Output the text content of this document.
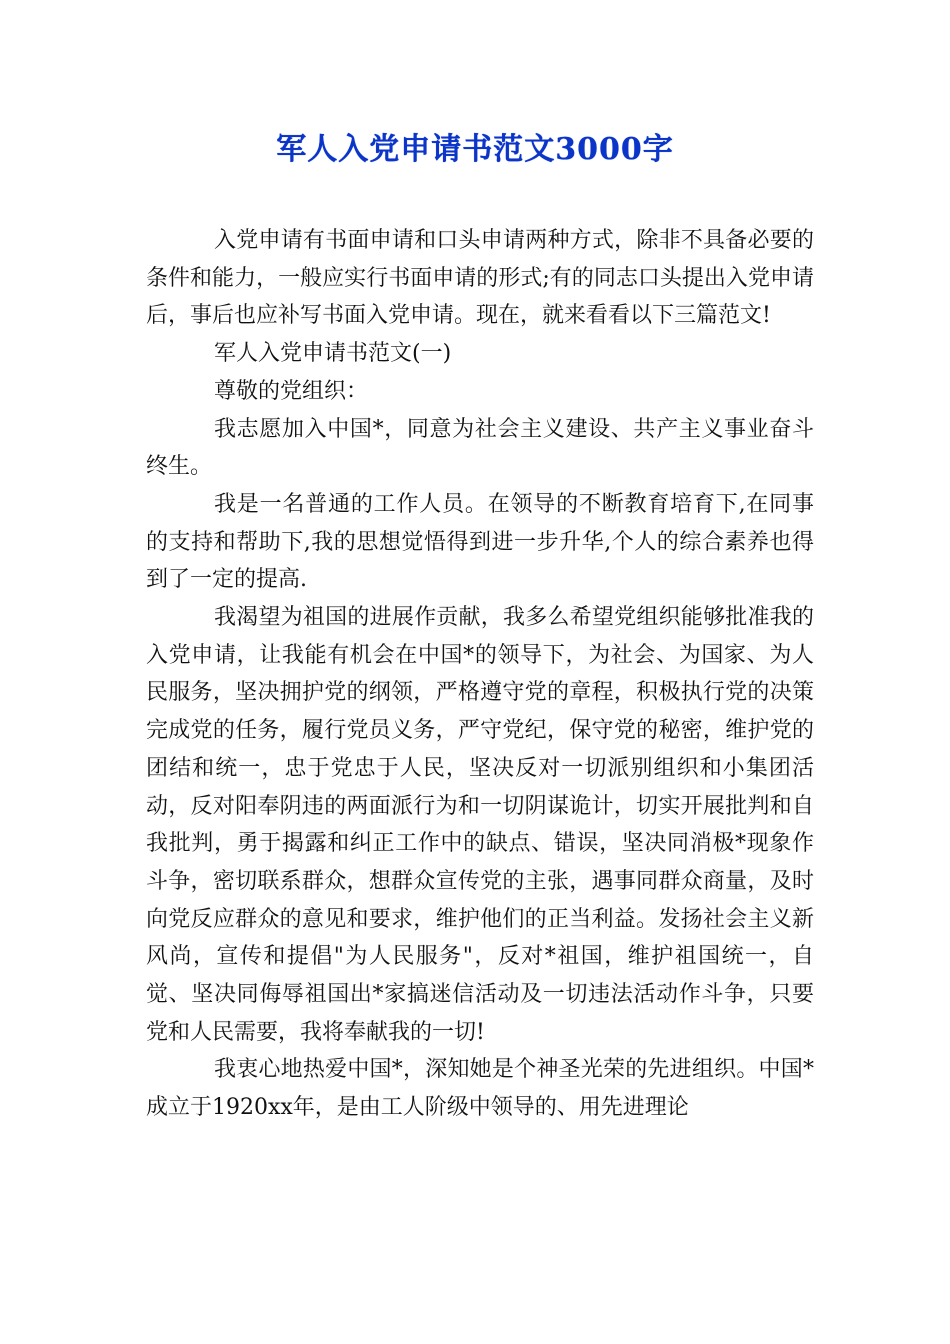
军人入党申请书范文3000字

入党申请有书面申请和口头申请两种方式，除非不具备必要的条件和能力，一般应实行书面申请的形式;有的同志口头提出入党申请后，事后也应补写书面入党申请。现在，就来看看以下三篇范文!

军人入党申请书范文(一)

尊敬的党组织：

我志愿加入中国*，同意为社会主义建设、共产主义事业奋斗终生。

我是一名普通的工作人员。在领导的不断教育培育下,在同事的支持和帮助下,我的思想觉悟得到进一步升华,个人的综合素养也得到了一定的提高.

我渴望为祖国的进展作贡献，我多么希望党组织能够批准我的入党申请，让我能有机会在中国*的领导下，为社会、为国家、为人民服务，坚决拥护党的纲领，严格遵守党的章程，积极执行党的决策完成党的任务，履行党员义务，严守党纪，保守党的秘密，维护党的团结和统一，忠于党忠于人民，坚决反对一切派别组织和小集团活动，反对阳奉阴违的两面派行为和一切阴谋诡计，切实开展批判和自我批判，勇于揭露和纠正工作中的缺点、错误，坚决同消极*现象作斗争，密切联系群众，想群众宣传党的主张，遇事同群众商量，及时向党反应群众的意见和要求，维护他们的正当利益。发扬社会主义新风尚，宣传和提倡"为人民服务"，反对*祖国，维护祖国统一，自觉、坚决同侮辱祖国出*家搞迷信活动及一切违法活动作斗争，只要党和人民需要，我将奉献我的一切!

我衷心地热爱中国*，深知她是个神圣光荣的先进组织。中国*成立于1920xx年，是由工人阶级中领导的、用先进理论
